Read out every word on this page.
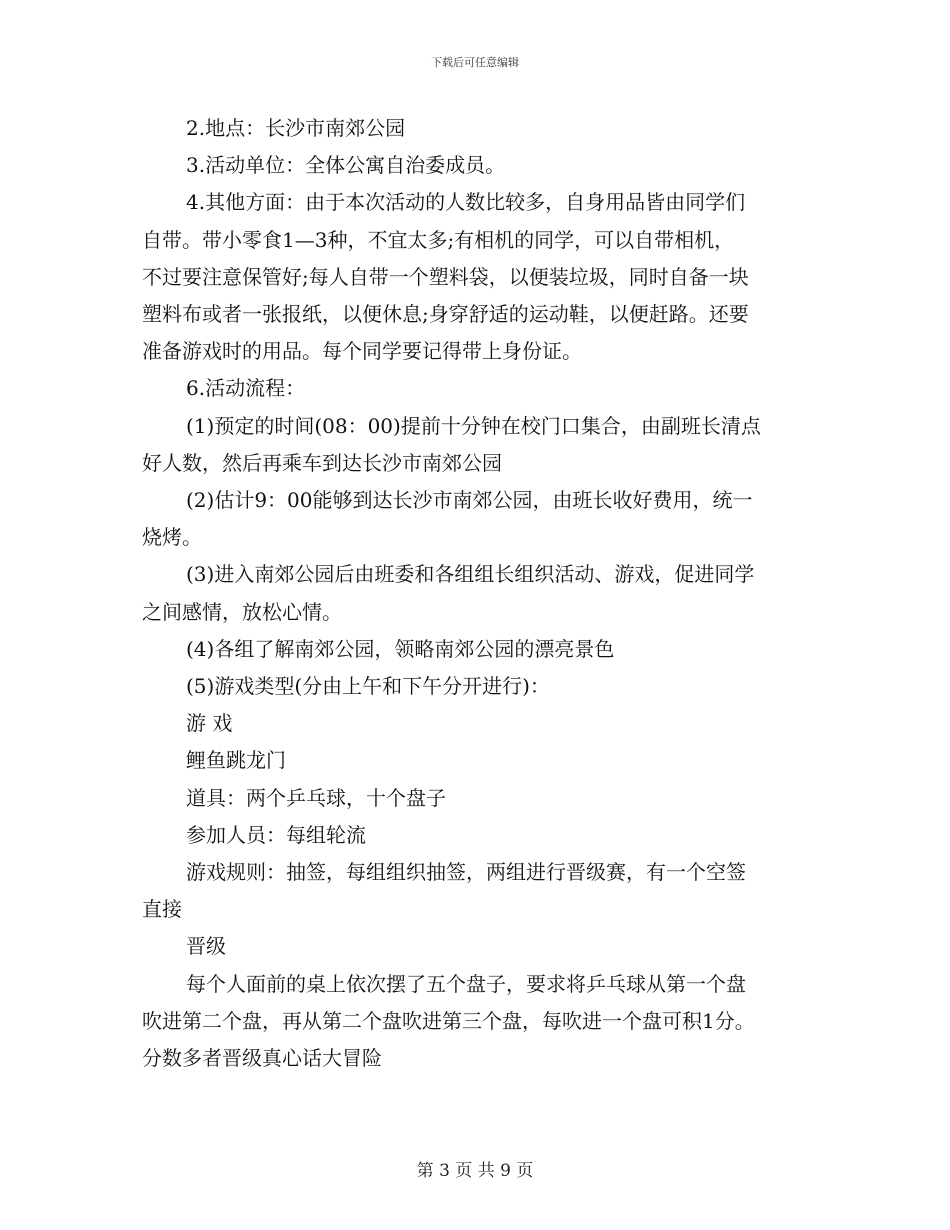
下载后可任意编辑

2.地点：长沙市南郊公园

3.活动单位：全体公寓自治委成员。

4.其他方面：由于本次活动的人数比较多，自身用品皆由同学们

自带。带小零食1—3种，不宜太多;有相机的同学，可以自带相机，

不过要注意保管好;每人自带一个塑料袋，以便装垃圾，同时自备一块

塑料布或者一张报纸，以便休息;身穿舒适的运动鞋，以便赶路。还要

准备游戏时的用品。每个同学要记得带上身份证。

6.活动流程：

(1)预定的时间(08：00)提前十分钟在校门口集合，由副班长清点

好人数，然后再乘车到达长沙市南郊公园

(2)估计9：00能够到达长沙市南郊公园，由班长收好费用，统一

烧烤。

(3)进入南郊公园后由班委和各组组长组织活动、游戏，促进同学

之间感情，放松心情。

(4)各组了解南郊公园，领略南郊公园的漂亮景色

(5)游戏类型(分由上午和下午分开进行)：

游 戏

鲤鱼跳龙门

道具：两个乒乓球，十个盘子

参加人员：每组轮流

游戏规则：抽签，每组组织抽签，两组进行晋级赛，有一个空签

直接

晋级

每个人面前的桌上依次摆了五个盘子，要求将乒乓球从第一个盘

吹进第二个盘，再从第二个盘吹进第三个盘，每吹进一个盘可积1分。

分数多者晋级真心话大冒险

第 3 页 共 9 页
